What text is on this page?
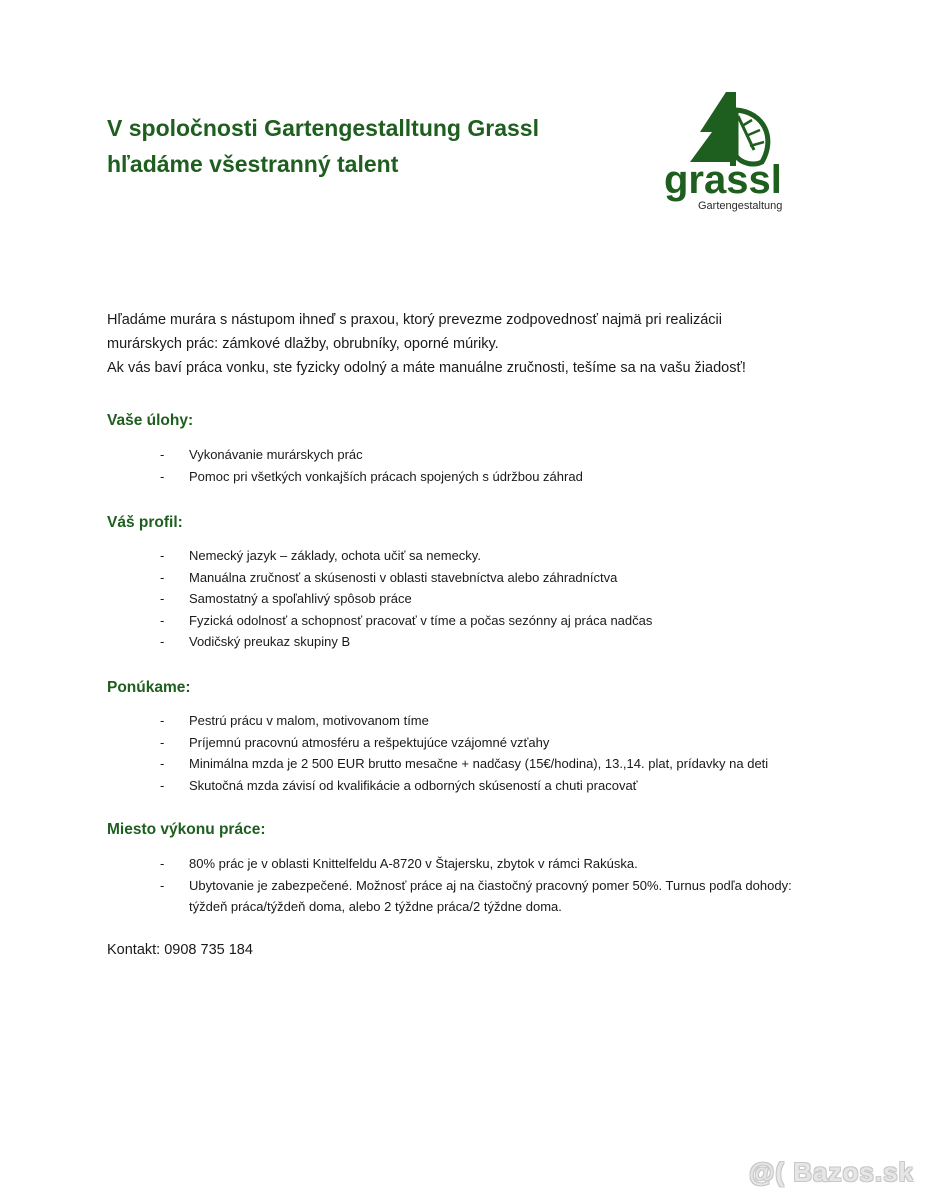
V spoločnosti Gartengestalltung Grassl
hľadáme všestranný talent	grassl
Gartengestaltung
Hľadáme murára s nástupom ihneď s praxou, ktorý prevezme zodpovednosť najmä pri realizácii
murárskych prác: zámkové dlažby, obrubníky, oporné múriky.
Ak vás baví práca vonku, ste fyzicky odolný a máte manuálne zručnosti, tešíme sa na vašu žiadosť!
Vaše úlohy:
- Vykonávanie murárskych prác
- Pomoc pri všetkých vonkajších prácach spojených s údržbou záhrad
Váš profil:
- Nemecký jazyk – základy, ochota učiť sa nemecky.
- Manuálna zručnosť a skúsenosti v oblasti stavebníctva alebo záhradníctva
- Samostatný a spoľahlivý spôsob práce
- Fyzická odolnosť a schopnosť pracovať v tíme a počas sezónny aj práca nadčas
- Vodičský preukaz skupiny B
Ponúkame:
- Pestrú prácu v malom, motivovanom tíme
- Príjemnú pracovnú atmosféru a rešpektujúce vzájomné vzťahy
- Minimálna mzda je 2 500 EUR brutto mesačne + nadčasy (15€/hodina), 13.,14. plat, prídavky na deti
- Skutočná mzda závisí od kvalifikácie a odborných skúseností a chuti pracovať
Miesto výkonu práce:
- 80% prác je v oblasti Knittelfeldu A-8720 v Štajersku, zbytok v rámci Rakúska.
- Ubytovanie je zabezpečené. Možnosť práce aj na čiastočný pracovný pomer 50%. Turnus podľa dohody: týždeň práca/týždeň doma, alebo 2 týždne práca/2 týždne doma.
Kontakt: 0908 735 184
@( Bazos.sk
